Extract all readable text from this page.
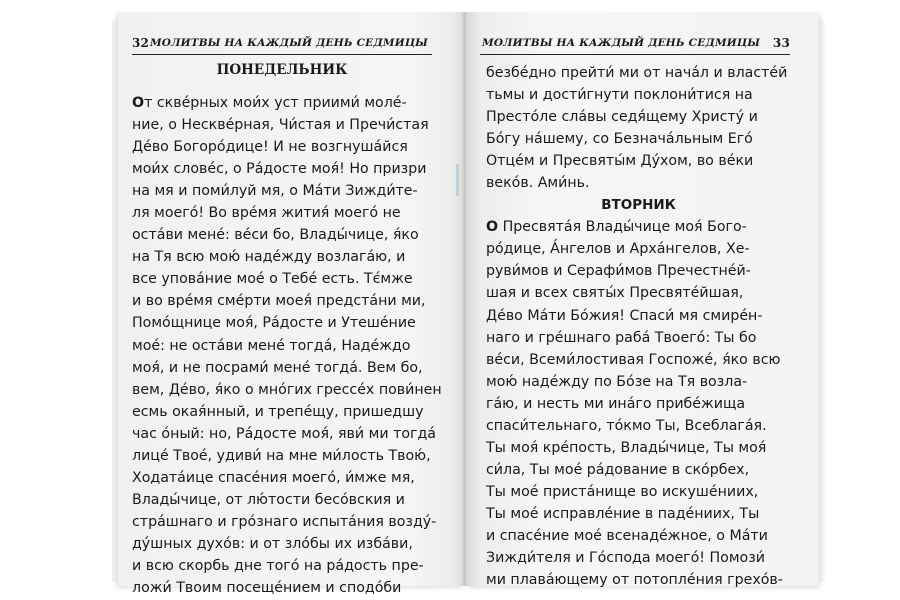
32 МОЛИТВЫ НА КАЖДЫЙ ДЕНЬ СЕДМИЦЫ
ПОНЕДЕЛЬНИК
От скве́рных мои́х уст приими́ моле́-
ние, о Нескве́рная, Чи́стая и Пречи́стая
Де́во Богоро́дице! И не возгнуша́йся
мои́х слове́с, о Ра́досте моя́! Но призри
на мя и поми́луй мя, о Ма́ти Зижди́те-
ля моего́! Во вре́мя жития́ моего́ не
оста́ви мене́: ве́си бо, Влады́чице, я́ко
на Тя всю мою́ наде́жду возлага́ю, и
все упова́ние мое́ о Тебе́ есть. Тє́мже
и во вре́мя сме́рти моея́ предста́ни ми,
Помо́щнице моя́, Ра́досте и Утеше́ние
мое́: не оста́ви мене́ тогда́, Наде́ждо
моя́, и не посрами́ мене́ тогда́. Вем бо,
вем, Де́во, я́ко о мно́гих грессе́х пови́нен
есмь окая́нный, и трепе́щу, пришедшу
час о́ный: но, Ра́досте моя́, яви́ ми тогда́
лице́ Твое́, удиви́ на мне ми́лость Твою́,
Ходата́ице спасе́ния моего́, и́мже мя,
Влады́чице, от лю́тости бесо́вския и
стра́шнаго и гро́знаго испыта́ния возду́-
ду́шных духо́в: и от зло́бы их изба́ви,
и всю скорбь дне того́ на ра́дость пре-
ложи́ Твоим посеще́нием и сподо́би
МОЛИТВЫ НА КАЖДЫЙ ДЕНЬ СЕДМИЦЫ 33
безбе́дно прейти́ ми от нача́л и власте́й
тьмы и дости́гнути поклони́тися на
Престо́ле сла́вы седя́щему Христу́ и
Бо́гу на́шему, со Безнача́льным Его́
Отце́м и Пресвяты́м Ду́хом, во ве́ки
веко́в. Ами́нь.
ВТОРНИК
О Пресвята́я Влады́чице моя́ Бого-
ро́дице, А́нгелов и Арха́нгелов, Хе-
руви́мов и Серафи́мов Пречестне́й-
шая и всех святы́х Пресвяте́йшая,
Де́во Ма́ти Бо́жия! Спаси́ мя смире́н-
наго и гре́шнаго раба́ Твоего́: Ты бо
ве́си, Всеми́лостивая Госпоже́, я́ко всю
мою́ наде́жду по Бо́зе на Тя возла-
га́ю, и несть ми ина́го прибе́жища
спаси́тельнаго, то́кмо Ты, Всеблага́я.
Ты моя́ кре́пость, Влады́чице, Ты моя́
си́ла, Ты мое́ ра́дование в ско́рбех,
Ты мое́ приста́нище во искуше́ниих,
Ты мое́ исправле́ние в паде́ниих, Ты
и спасе́ние мое́ всенаде́жное, о Ма́ти
Зижди́теля и Го́спода моего́! Помози́
ми плава́ющему от потопле́ния грехо́в-
